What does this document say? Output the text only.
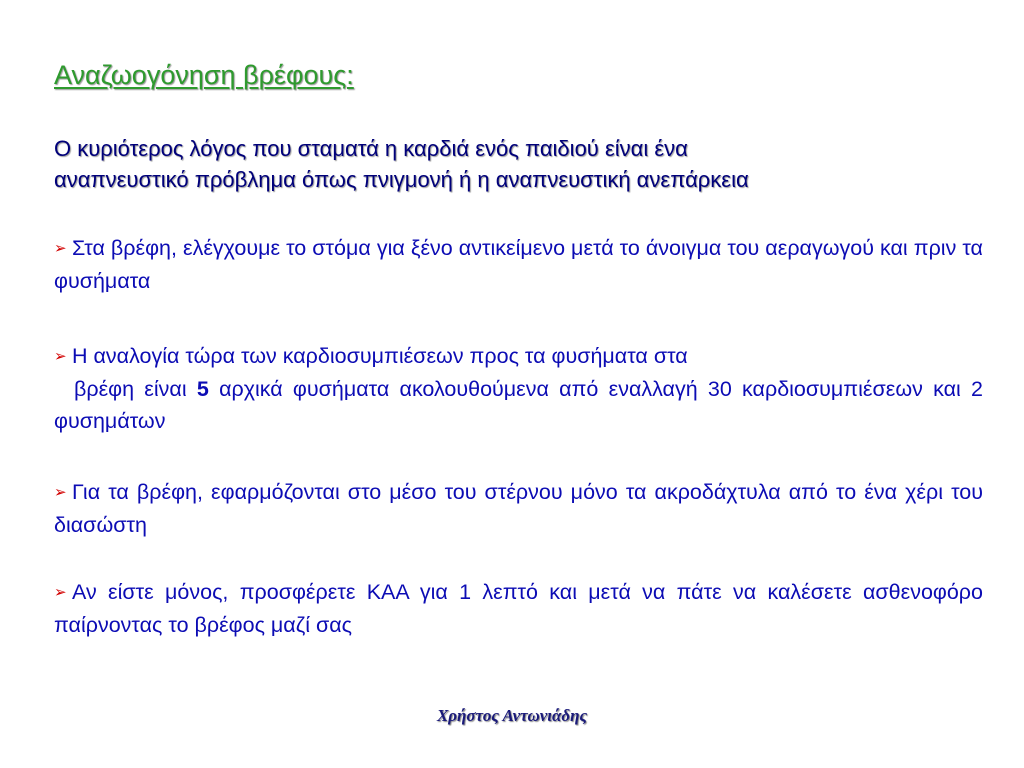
Αναζωογόνηση βρέφους:
Ο κυριότερος λόγος που σταματά η καρδιά ενός παιδιού είναι ένα
αναπνευστικό πρόβλημα όπως πνιγμονή ή η αναπνευστική ανεπάρκεια
➢ Στα βρέφη, ελέγχουμε το στόμα για ξένο αντικείμενο μετά το άνοιγμα του αεραγωγού και πριν τα φυσήματα
➢ Η αναλογία τώρα των καρδιοσυμπιέσεων προς τα φυσήματα στα
βρέφη είναι 5 αρχικά φυσήματα ακολουθούμενα από εναλλαγή 30 καρδιοσυμπιέσεων και 2 φυσημάτων
➢ Για τα βρέφη, εφαρμόζονται στο μέσο του στέρνου μόνο τα ακροδάχτυλα από το ένα χέρι του διασώστη
➢ Αν είστε μόνος, προσφέρετε ΚΑΑ για 1 λεπτό και μετά να πάτε να καλέσετε ασθενοφόρο παίρνοντας το βρέφος μαζί σας
Χρήστος Αντωνιάδης
